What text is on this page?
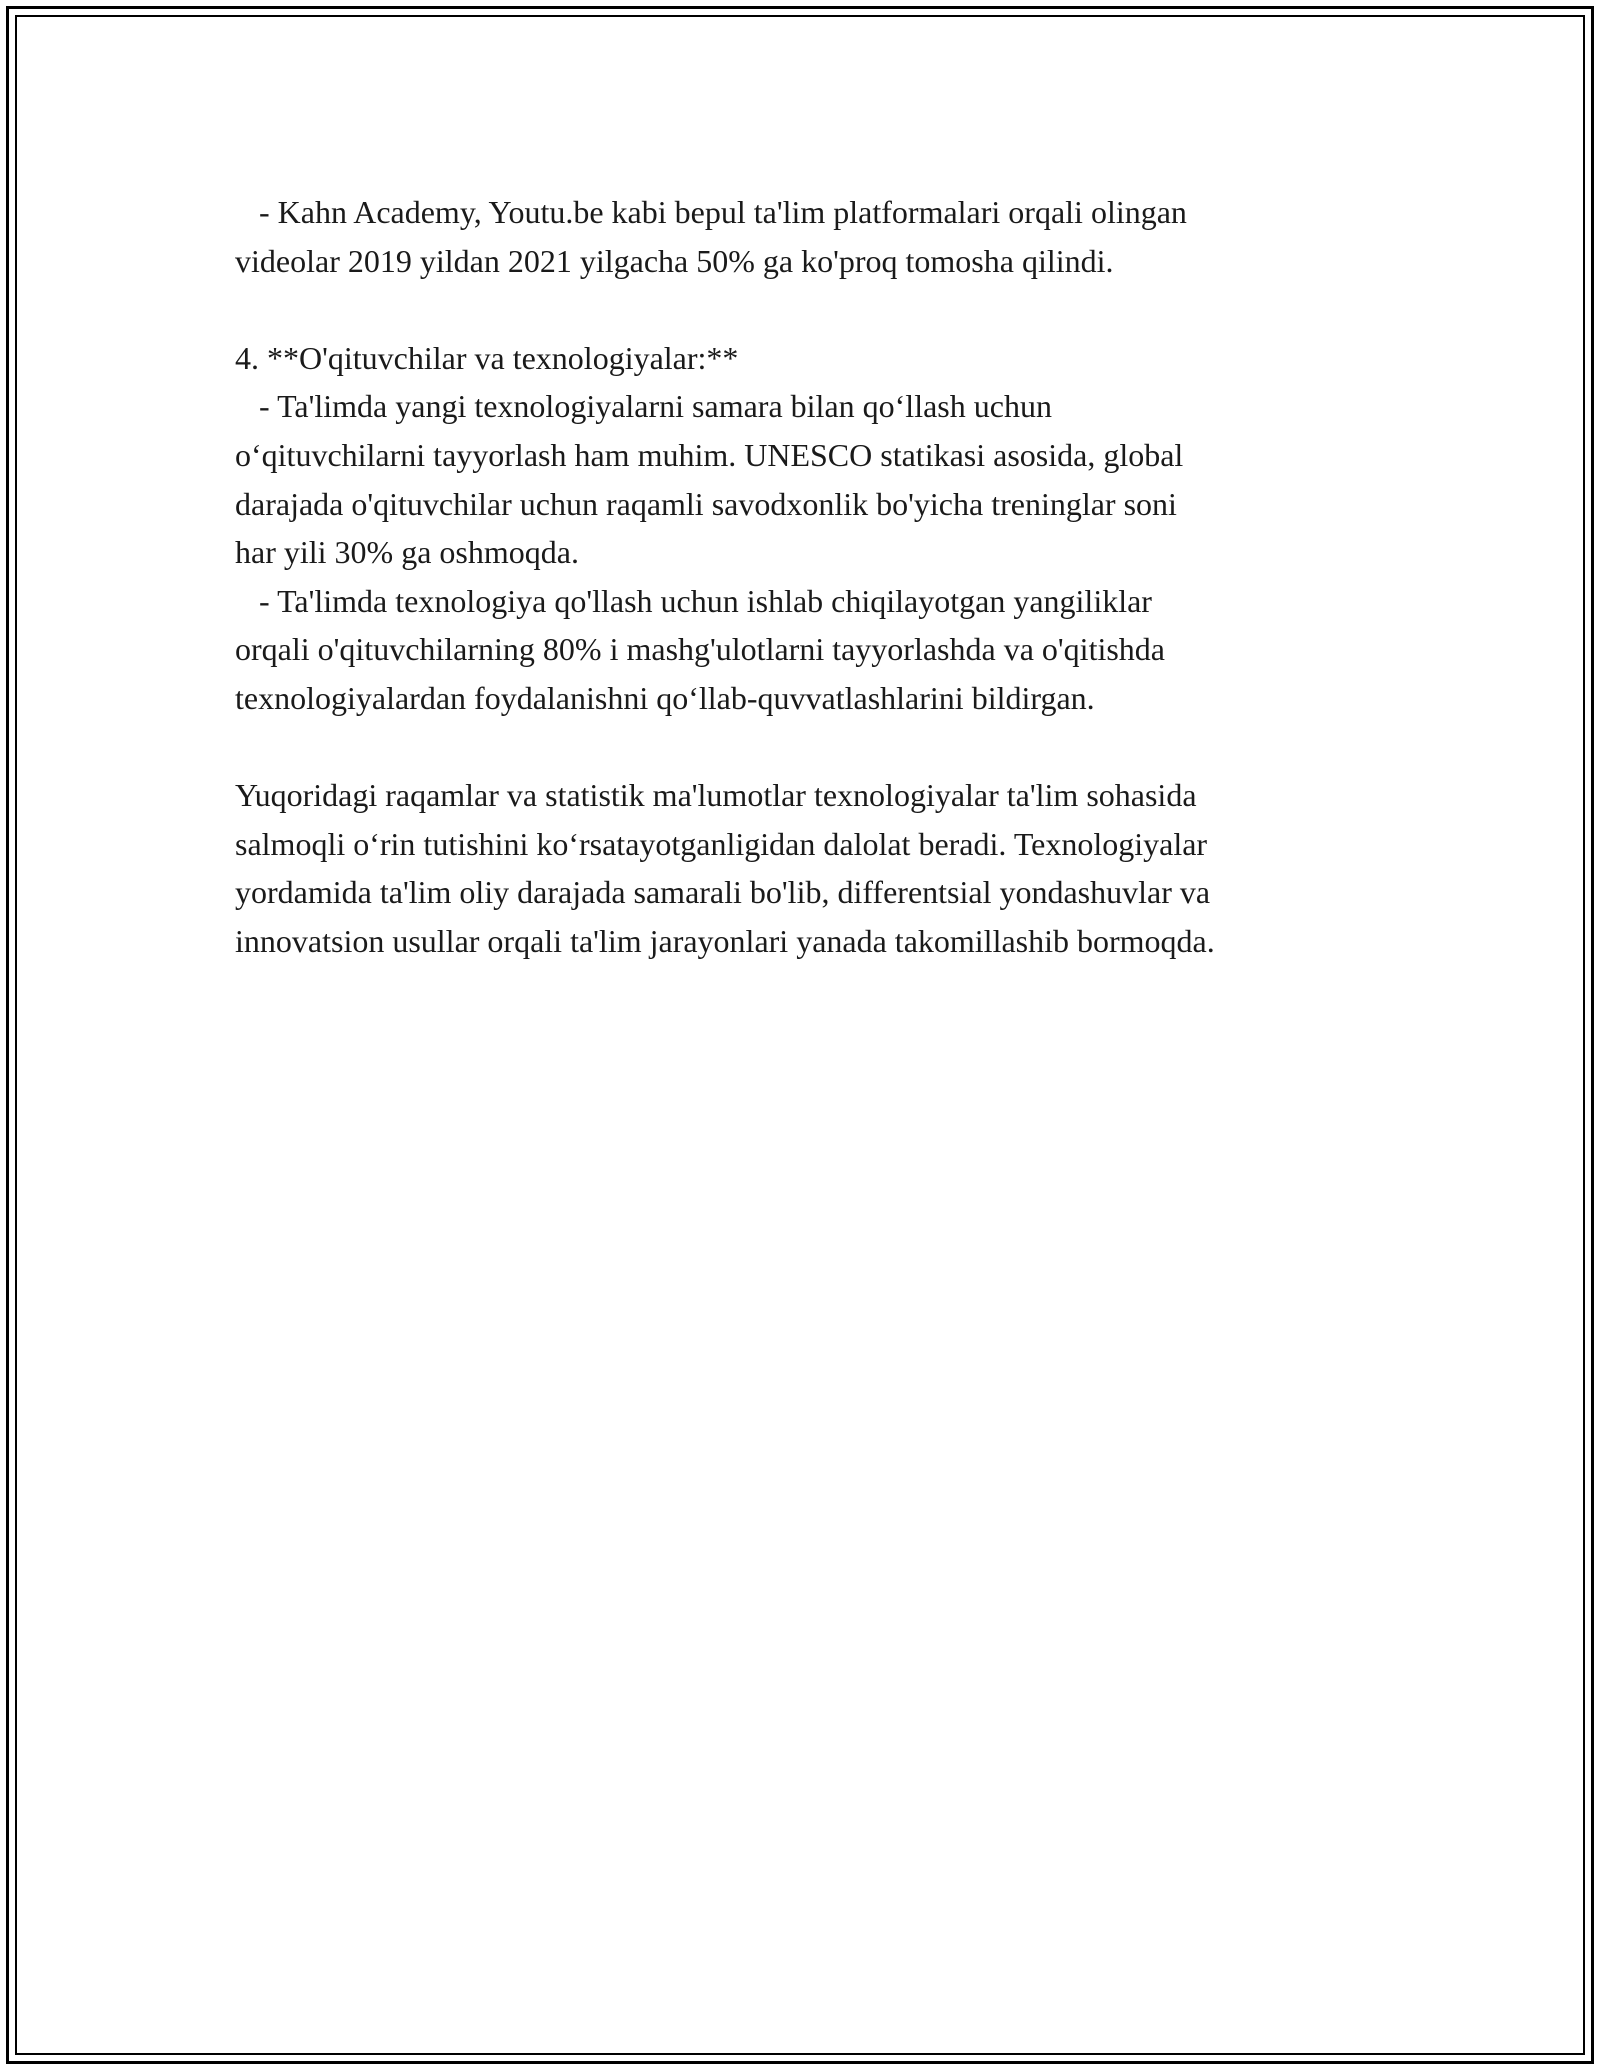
- Kahn Academy, Youtu.be kabi bepul ta'lim platformalari orqali olingan
videolar 2019 yildan 2021 yilgacha 50% ga ko'proq tomosha qilindi.
4. **O'qituvchilar va texnologiyalar:**
- Ta'limda yangi texnologiyalarni samara bilan qo‘llash uchun
o‘qituvchilarni tayyorlash ham muhim. UNESCO statikasi asosida, global
darajada o'qituvchilar uchun raqamli savodxonlik bo'yicha treninglar soni
har yili 30% ga oshmoqda.
- Ta'limda texnologiya qo'llash uchun ishlab chiqilayotgan yangiliklar
orqali o'qituvchilarning 80% i mashg'ulotlarni tayyorlashda va o'qitishda
texnologiyalardan foydalanishni qo‘llab-quvvatlashlarini bildirgan.
Yuqoridagi raqamlar va statistik ma'lumotlar texnologiyalar ta'lim sohasida
salmoqli o‘rin tutishini ko‘rsatayotganligidan dalolat beradi. Texnologiyalar
yordamida ta'lim oliy darajada samarali bo'lib, differentsial yondashuvlar va
innovatsion usullar orqali ta'lim jarayonlari yanada takomillashib bormoqda.
